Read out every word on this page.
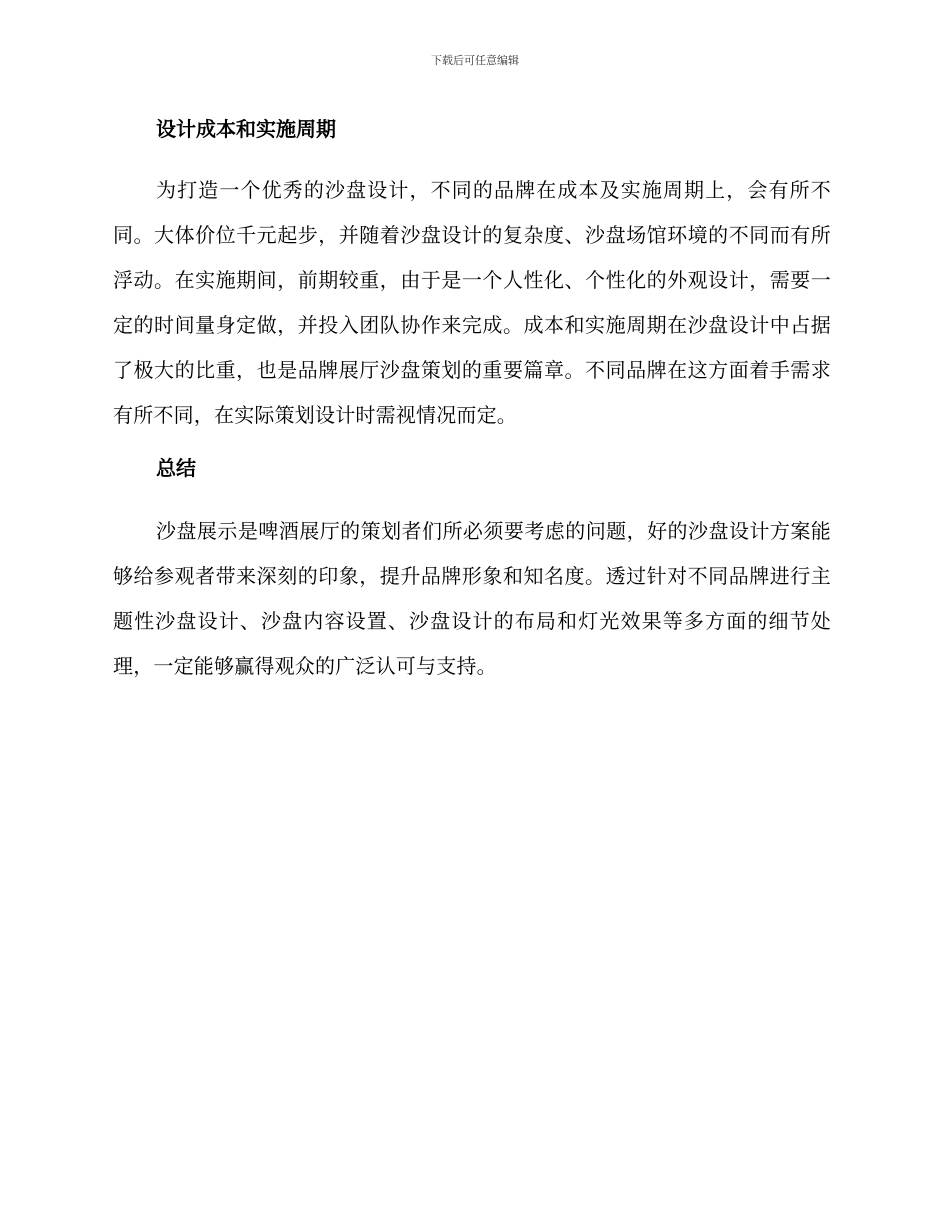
下载后可任意编辑
设计成本和实施周期

为打造一个优秀的沙盘设计，不同的品牌在成本及实施周期上，会有所不同。大体价位千元起步，并随着沙盘设计的复杂度、沙盘场馆环境的不同而有所浮动。在实施期间，前期较重，由于是一个人性化、个性化的外观设计，需要一定的时间量身定做，并投入团队协作来完成。成本和实施周期在沙盘设计中占据了极大的比重，也是品牌展厅沙盘策划的重要篇章。不同品牌在这方面着手需求有所不同，在实际策划设计时需视情况而定。

总结

沙盘展示是啤酒展厅的策划者们所必须要考虑的问题，好的沙盘设计方案能够给参观者带来深刻的印象，提升品牌形象和知名度。透过针对不同品牌进行主题性沙盘设计、沙盘内容设置、沙盘设计的布局和灯光效果等多方面的细节处理，一定能够赢得观众的广泛认可与支持。
